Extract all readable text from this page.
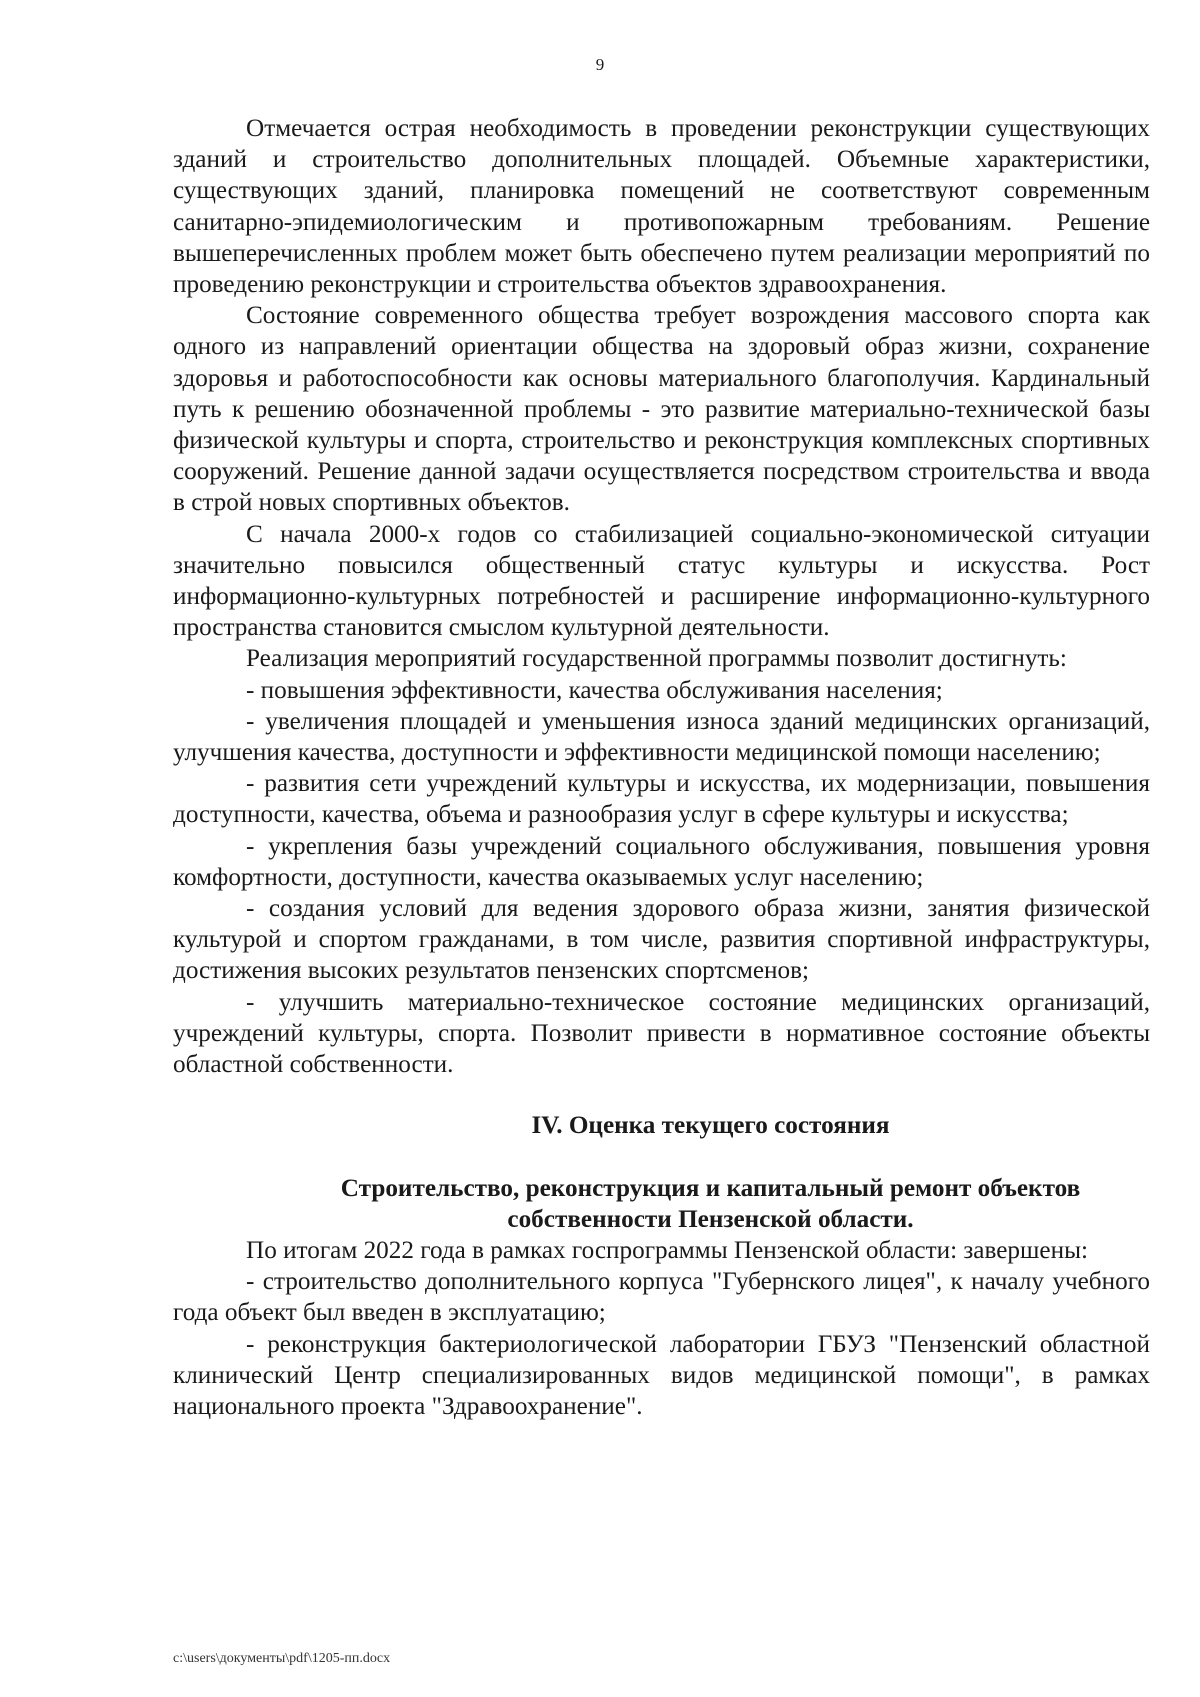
9

Отмечается острая необходимость в проведении реконструкции существующих зданий и строительство дополнительных площадей. Объемные характеристики, существующих зданий, планировка помещений не соответствуют современным санитарно-эпидемиологическим и противопожарным требованиям. Решение вышеперечисленных проблем может быть обеспечено путем реализации мероприятий по проведению реконструкции и строительства объектов здравоохранения.

Состояние современного общества требует возрождения массового спорта как одного из направлений ориентации общества на здоровый образ жизни, сохранение здоровья и работоспособности как основы материального благополучия. Кардинальный путь к решению обозначенной проблемы - это развитие материально-технической базы физической культуры и спорта, строительство и реконструкция комплексных спортивных сооружений. Решение данной задачи осуществляется посредством строительства и ввода в строй новых спортивных объектов.

С начала 2000-х годов со стабилизацией социально-экономической ситуации значительно повысился общественный статус культуры и искусства. Рост информационно-культурных потребностей и расширение информационно-культурного пространства становится смыслом культурной деятельности.

Реализация мероприятий государственной программы позволит достигнуть:

- повышения эффективности, качества обслуживания населения;

- увеличения площадей и уменьшения износа зданий медицинских организаций, улучшения качества, доступности и эффективности медицинской помощи населению;

- развития сети учреждений культуры и искусства, их модернизации, повышения доступности, качества, объема и разнообразия услуг в сфере культуры и искусства;

- укрепления базы учреждений социального обслуживания, повышения уровня комфортности, доступности, качества оказываемых услуг населению;

- создания условий для ведения здорового образа жизни, занятия физической культурой и спортом гражданами, в том числе, развития спортивной инфраструктуры, достижения высоких результатов пензенских спортсменов;

- улучшить материально-техническое состояние медицинских организаций, учреждений культуры, спорта. Позволит привести в нормативное состояние объекты областной собственности.

IV. Оценка текущего состояния
Строительство, реконструкция и капитальный ремонт объектов
собственности Пензенской области.

По итогам 2022 года в рамках госпрограммы Пензенской области: завершены:

- строительство дополнительного корпуса "Губернского лицея", к началу учебного года объект был введен в эксплуатацию;

- реконструкция бактериологической лаборатории ГБУЗ "Пензенский областной клинический Центр специализированных видов медицинской помощи", в рамках национального проекта "Здравоохранение".

c:\users\документы\pdf\1205-пп.docx
